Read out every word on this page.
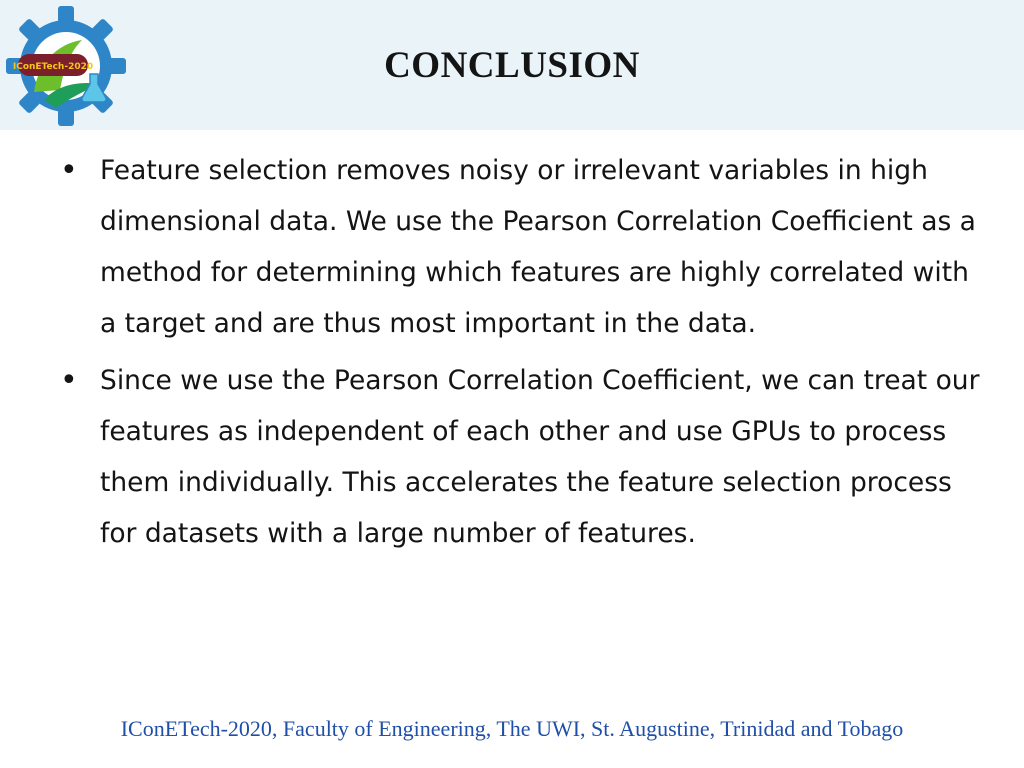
IConETech-2020	CONCLUSION
• Feature selection removes noisy or irrelevant variables in high dimensional data. We use the Pearson Correlation Coefficient as a method for determining which features are highly correlated with a target and are thus most important in the data.
• Since we use the Pearson Correlation Coefficient, we can treat our features as independent of each other and use GPUs to process them individually. This accelerates the feature selection process for datasets with a large number of features.
IConETech-2020, Faculty of Engineering, The UWI, St. Augustine, Trinidad and Tobago
